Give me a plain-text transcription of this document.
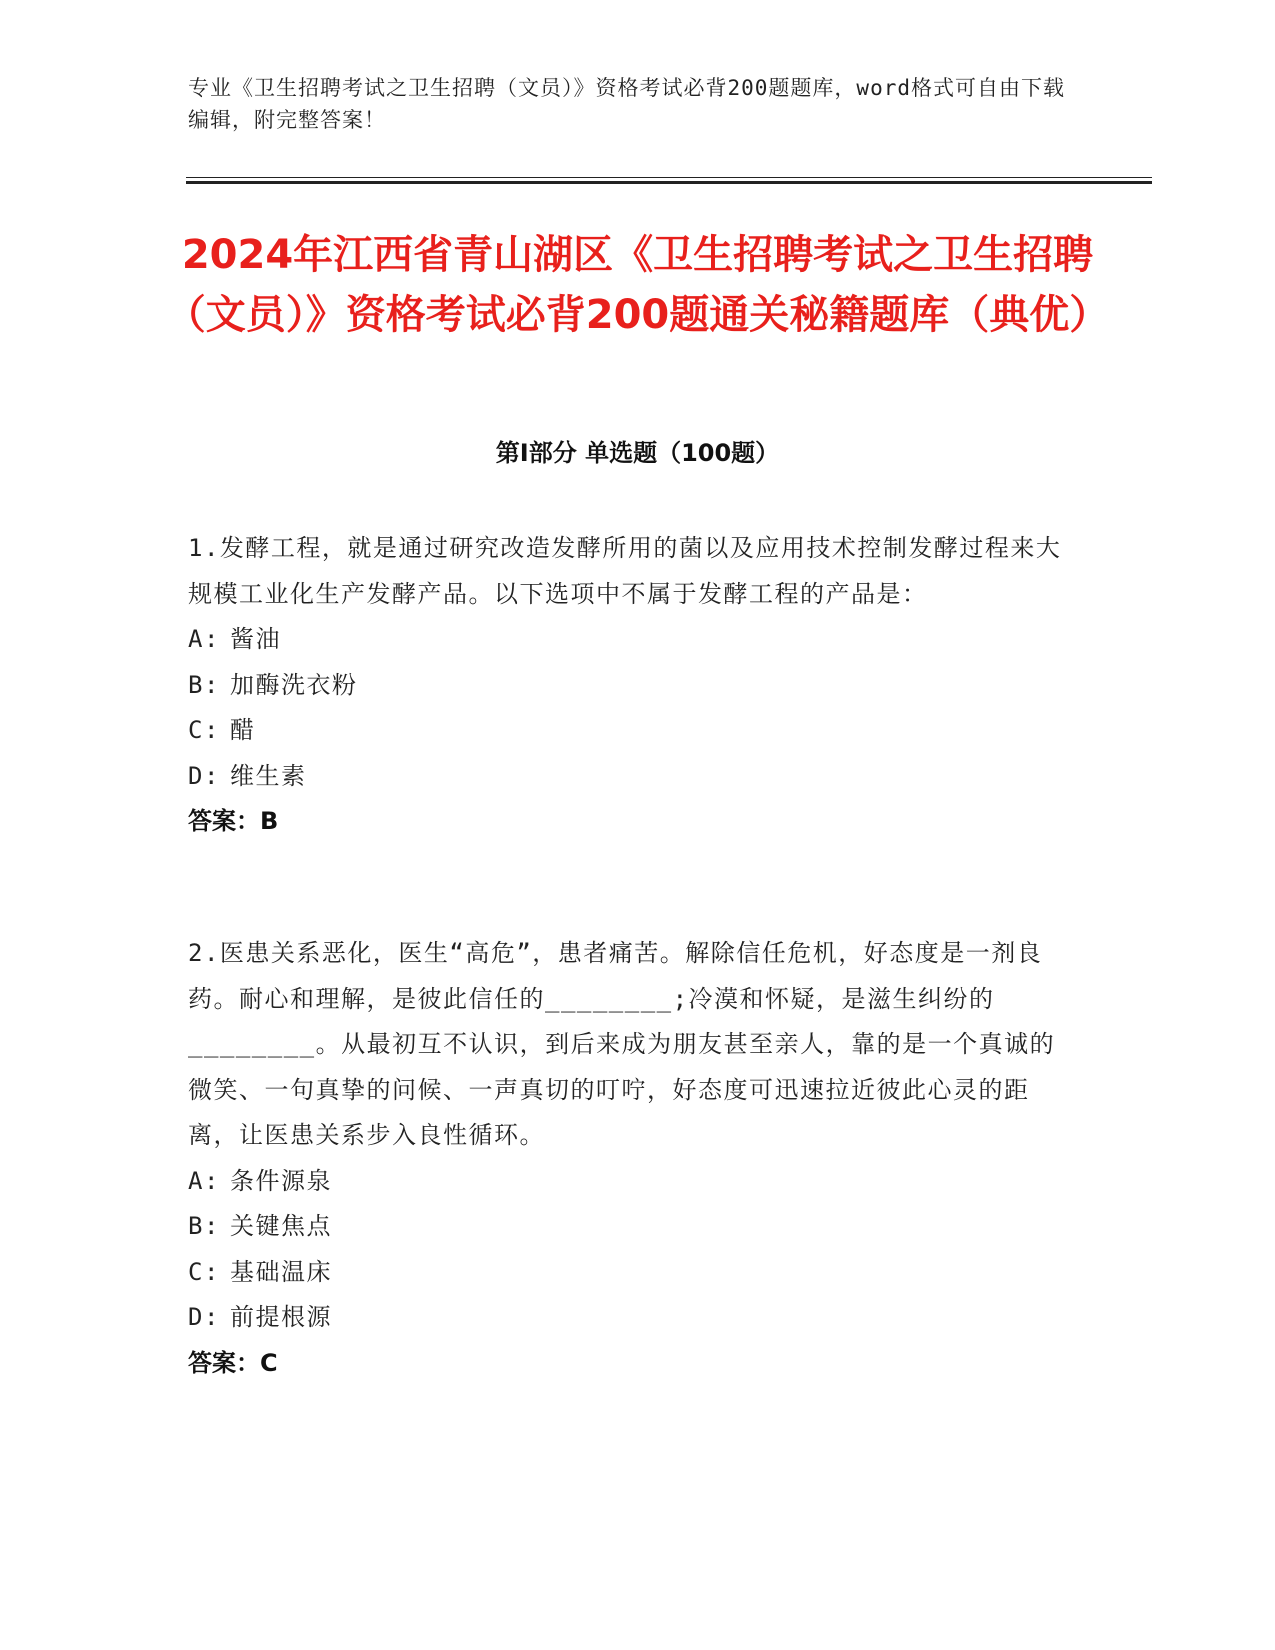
专业《卫生招聘考试之卫生招聘（文员）》资格考试必背200题题库，word格式可自由下载编辑，附完整答案！
2024年江西省青山湖区《卫生招聘考试之卫生招聘（文员）》资格考试必背200题通关秘籍题库（典优）
第I部分 单选题（100题）

1.发酵工程，就是通过研究改造发酵所用的菌以及应用技术控制发酵过程来大规模工业化生产发酵产品。以下选项中不属于发酵工程的产品是：

A: 酱油

B: 加酶洗衣粉

C: 醋

D: 维生素

答案：B

2.医患关系恶化，医生“高危”，患者痛苦。解除信任危机，好态度是一剂良药。耐心和理解，是彼此信任的________;冷漠和怀疑，是滋生纠纷的________。从最初互不认识，到后来成为朋友甚至亲人，靠的是一个真诚的微笑、一句真挚的问候、一声真切的叮咛，好态度可迅速拉近彼此心灵的距离，让医患关系步入良性循环。

A: 条件源泉

B: 关键焦点

C: 基础温床

D: 前提根源

答案：C
